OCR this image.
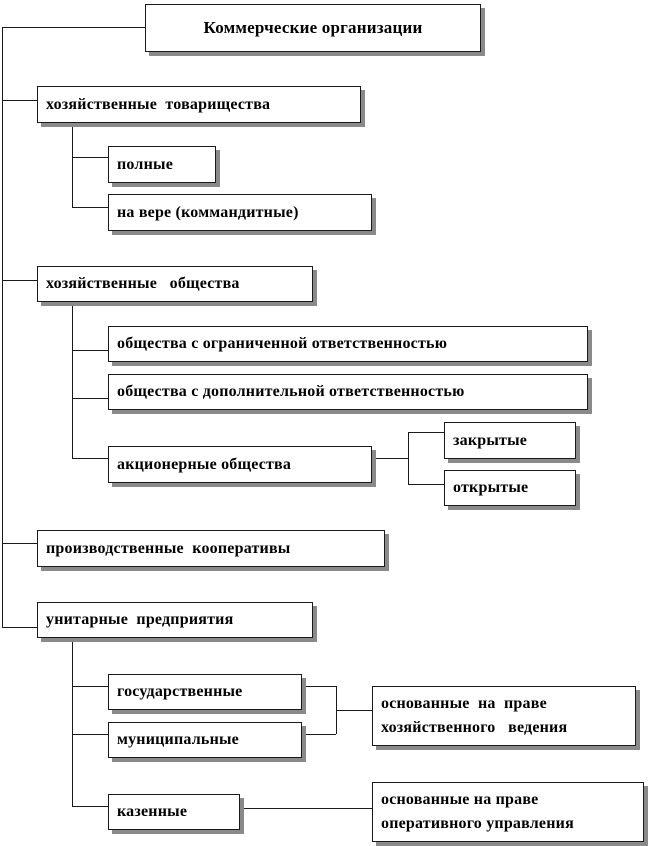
Коммерческие организации
хозяйственные  товарищества
полные
на вере (коммандитные)
хозяйственные   общества
общества с ограниченной ответственностью
общества с дополнительной ответственностью
акционерные общества
закрытые
открытые
производственные  кооперативы
унитарные  предприятия
государственные
муниципальные
казенные
основанные  на  праве
хозяйственного   ведения
основанные на праве
оперативного управления
